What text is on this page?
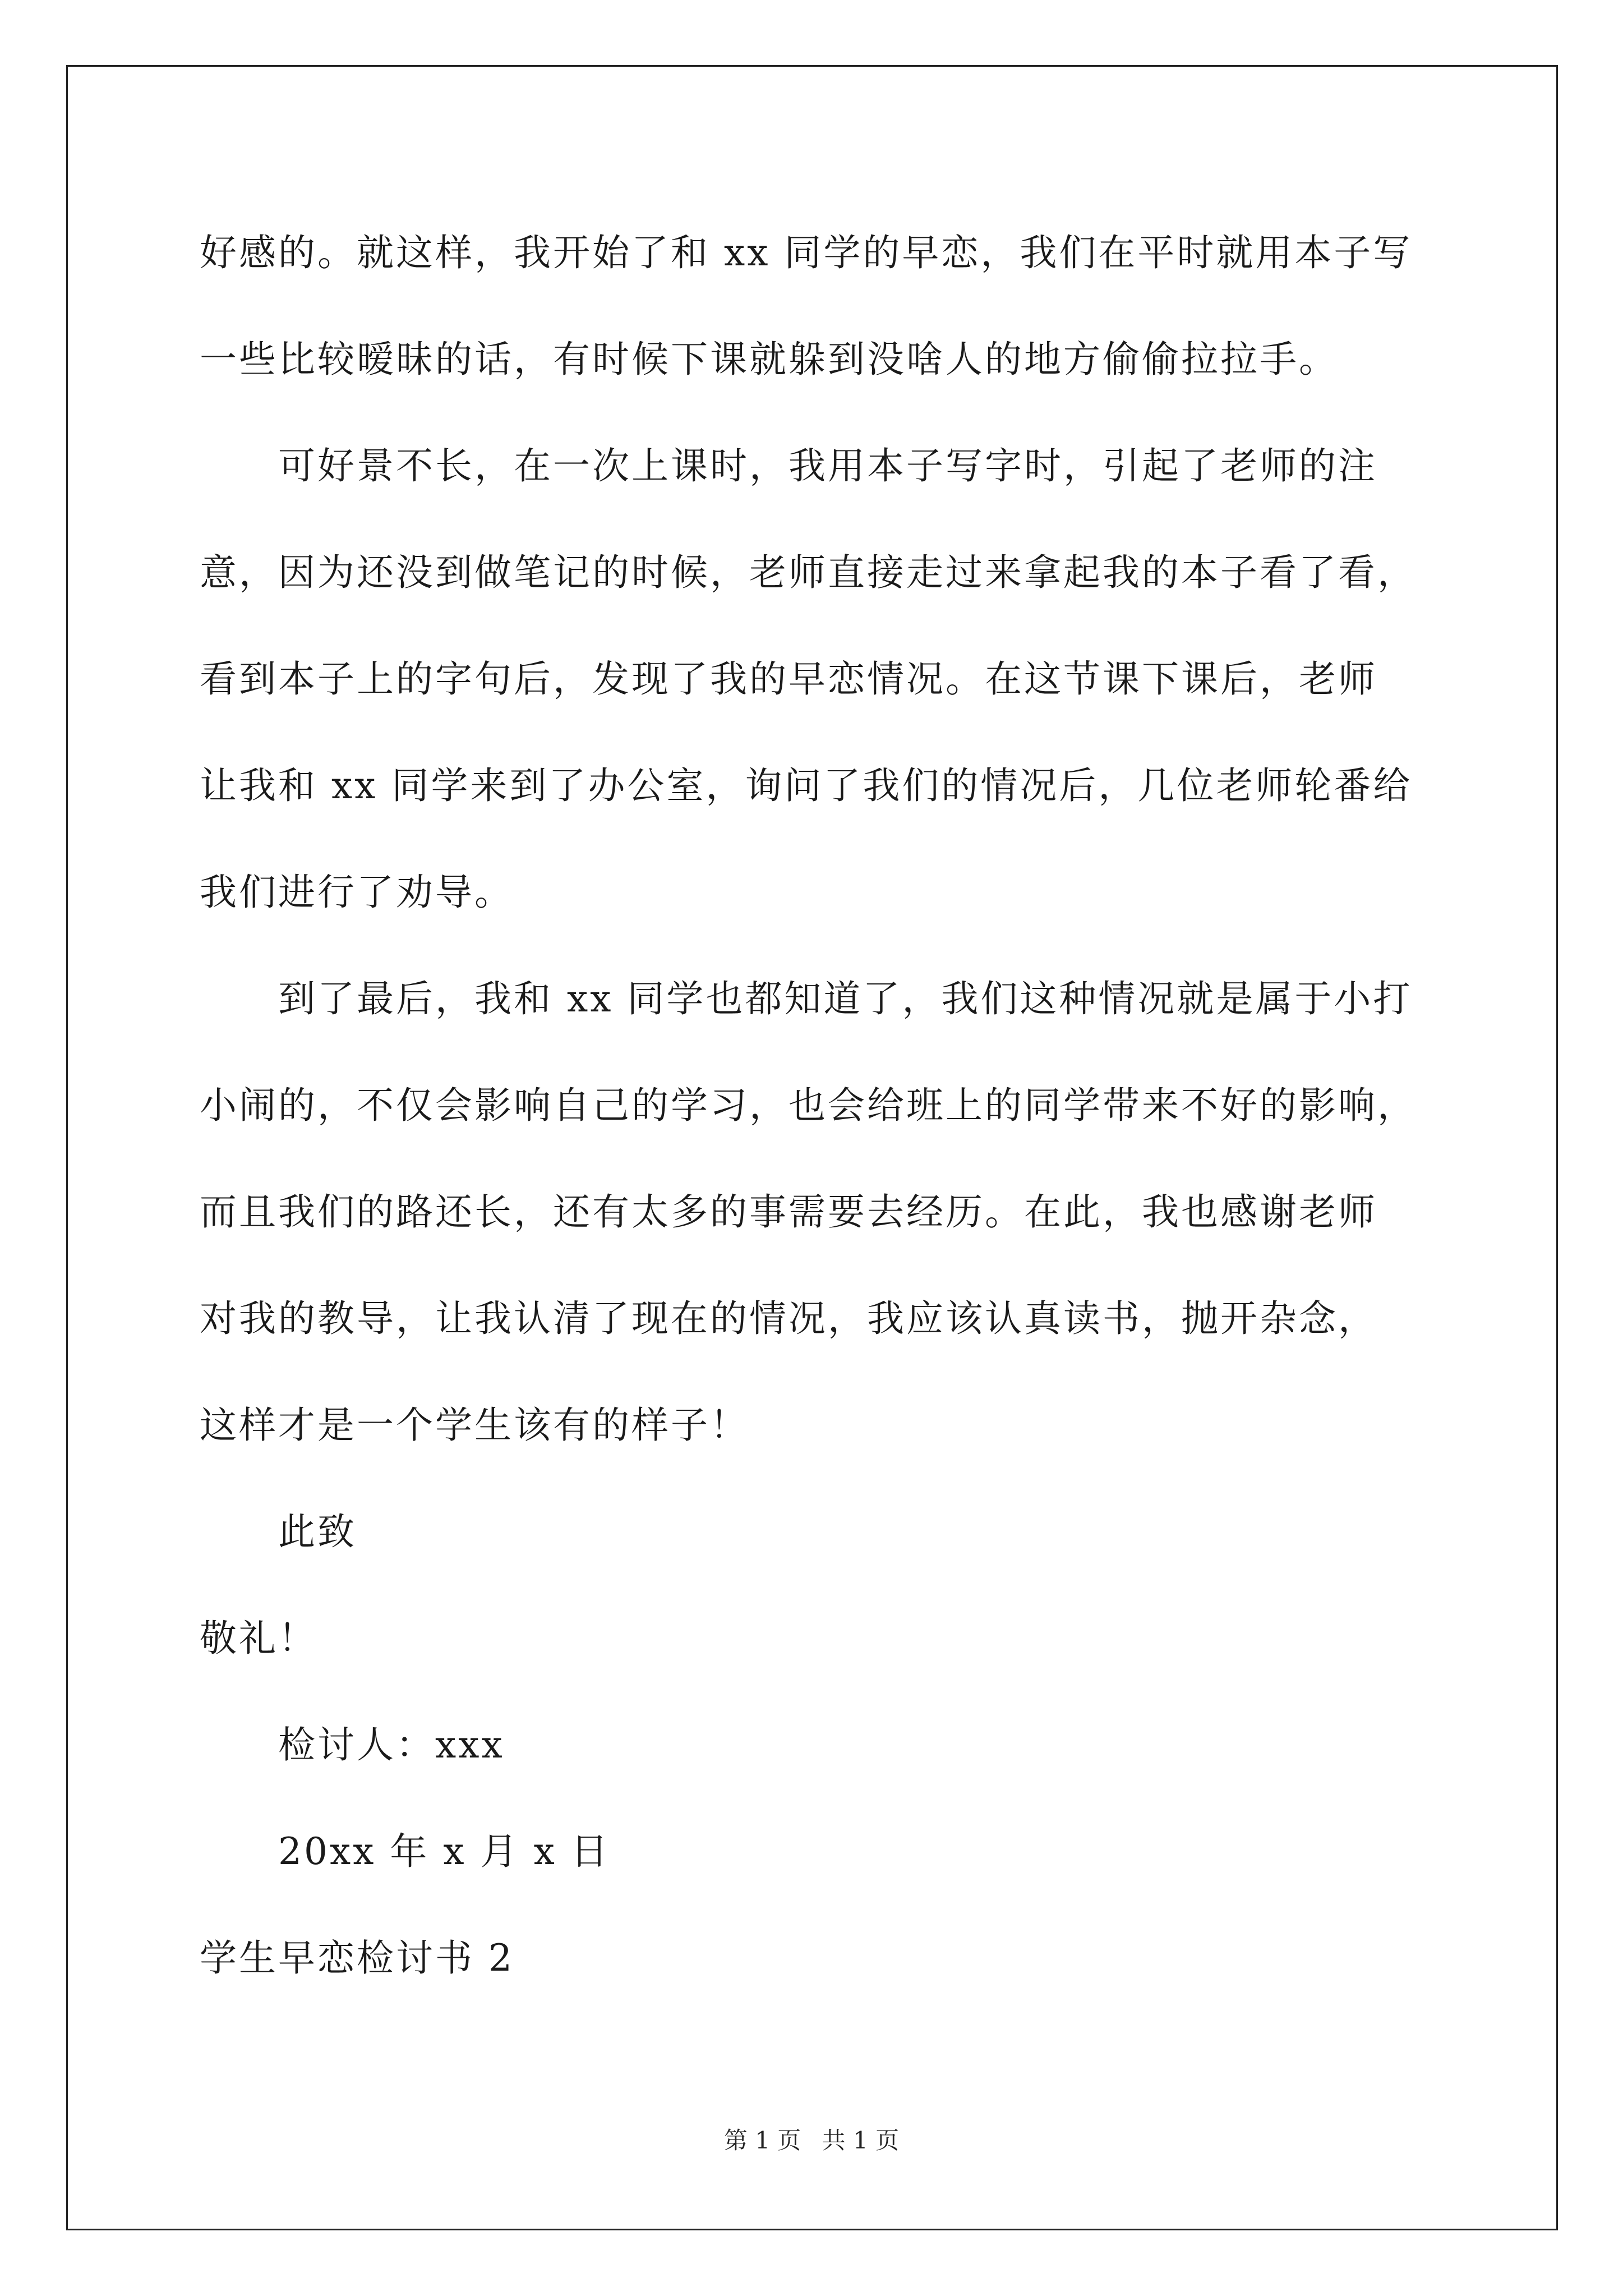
好感的。就这样，我开始了和 xx 同学的早恋，我们在平时就用本子写
一些比较暧昧的话，有时候下课就躲到没啥人的地方偷偷拉拉手。
可好景不长，在一次上课时，我用本子写字时，引起了老师的注
意，因为还没到做笔记的时候，老师直接走过来拿起我的本子看了看，
看到本子上的字句后，发现了我的早恋情况。在这节课下课后，老师
让我和 xx 同学来到了办公室，询问了我们的情况后，几位老师轮番给
我们进行了劝导。
到了最后，我和 xx 同学也都知道了，我们这种情况就是属于小打
小闹的，不仅会影响自己的学习，也会给班上的同学带来不好的影响，
而且我们的路还长，还有太多的事需要去经历。在此，我也感谢老师
对我的教导，让我认清了现在的情况，我应该认真读书，抛开杂念，
这样才是一个学生该有的样子！
此致
敬礼！
检讨人：xxx
20xx 年 x 月 x 日
学生早恋检讨书 2
第 1 页 共 1 页
